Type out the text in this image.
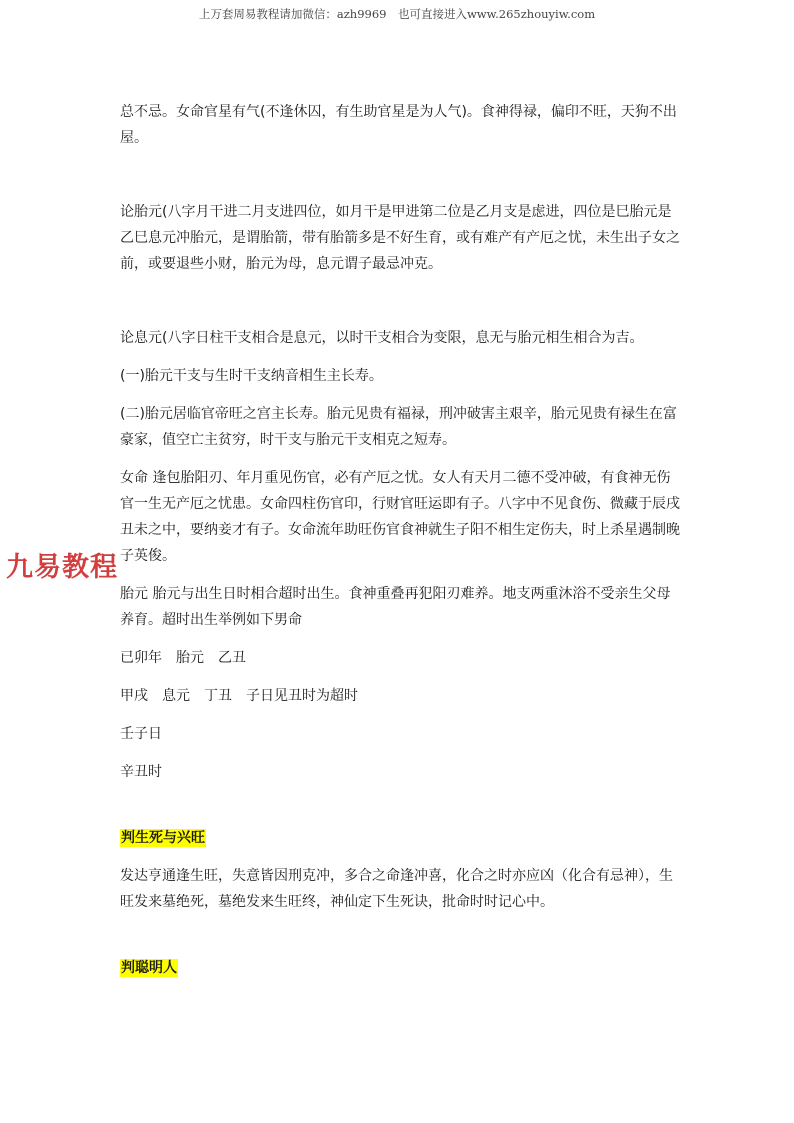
上万套周易教程请加微信：azh9969　也可直接进入www.265zhouyiw.com

总不忌。女命官星有气(不逢休囚，有生助官星是为人气)。食神得禄，偏印不旺，天狗不出屋。

论胎元(八字月干进二月支进四位，如月干是甲进第二位是乙月支是虑进，四位是巳胎元是乙巳息元冲胎元，是谓胎箭，带有胎箭多是不好生育，或有难产有产厄之忧，未生出子女之前，或要退些小财，胎元为母，息元谓子最忌冲克。

论息元(八字日柱干支相合是息元，以时干支相合为变限，息无与胎元相生相合为吉。

(一)胎元干支与生时干支纳音相生主长寿。

(二)胎元居临官帝旺之宫主长寿。胎元见贵有福禄，刑冲破害主艰辛，胎元见贵有禄生在富豪家，值空亡主贫穷，时干支与胎元干支相克之短寿。

女命 逢包胎阳刃、年月重见伤官，必有产厄之忧。女人有天月二德不受冲破，有食神无伤官一生无产厄之忧患。女命四柱伤官印，行财官旺运即有子。八字中不见食伤、微藏于辰戌丑未之中，要纳妾才有子。女命流年助旺伤官食神就生子阳不相生定伤夫，时上杀星遇制晚子英俊。

胎元 胎元与出生日时相合超时出生。食神重叠再犯阳刃难养。地支两重沐浴不受亲生父母养育。超时出生举例如下男命

已卯年　胎元　乙丑

甲戌　息元　丁丑　子日见丑时为超时

壬子日

辛丑时

判生死与兴旺

发达亨通逢生旺，失意皆因刑克冲，多合之命逢冲喜，化合之时亦应凶（化合有忌神），生旺发来墓绝死，墓绝发来生旺终，神仙定下生死诀，批命时时记心中。

判聪明人

九易教程
